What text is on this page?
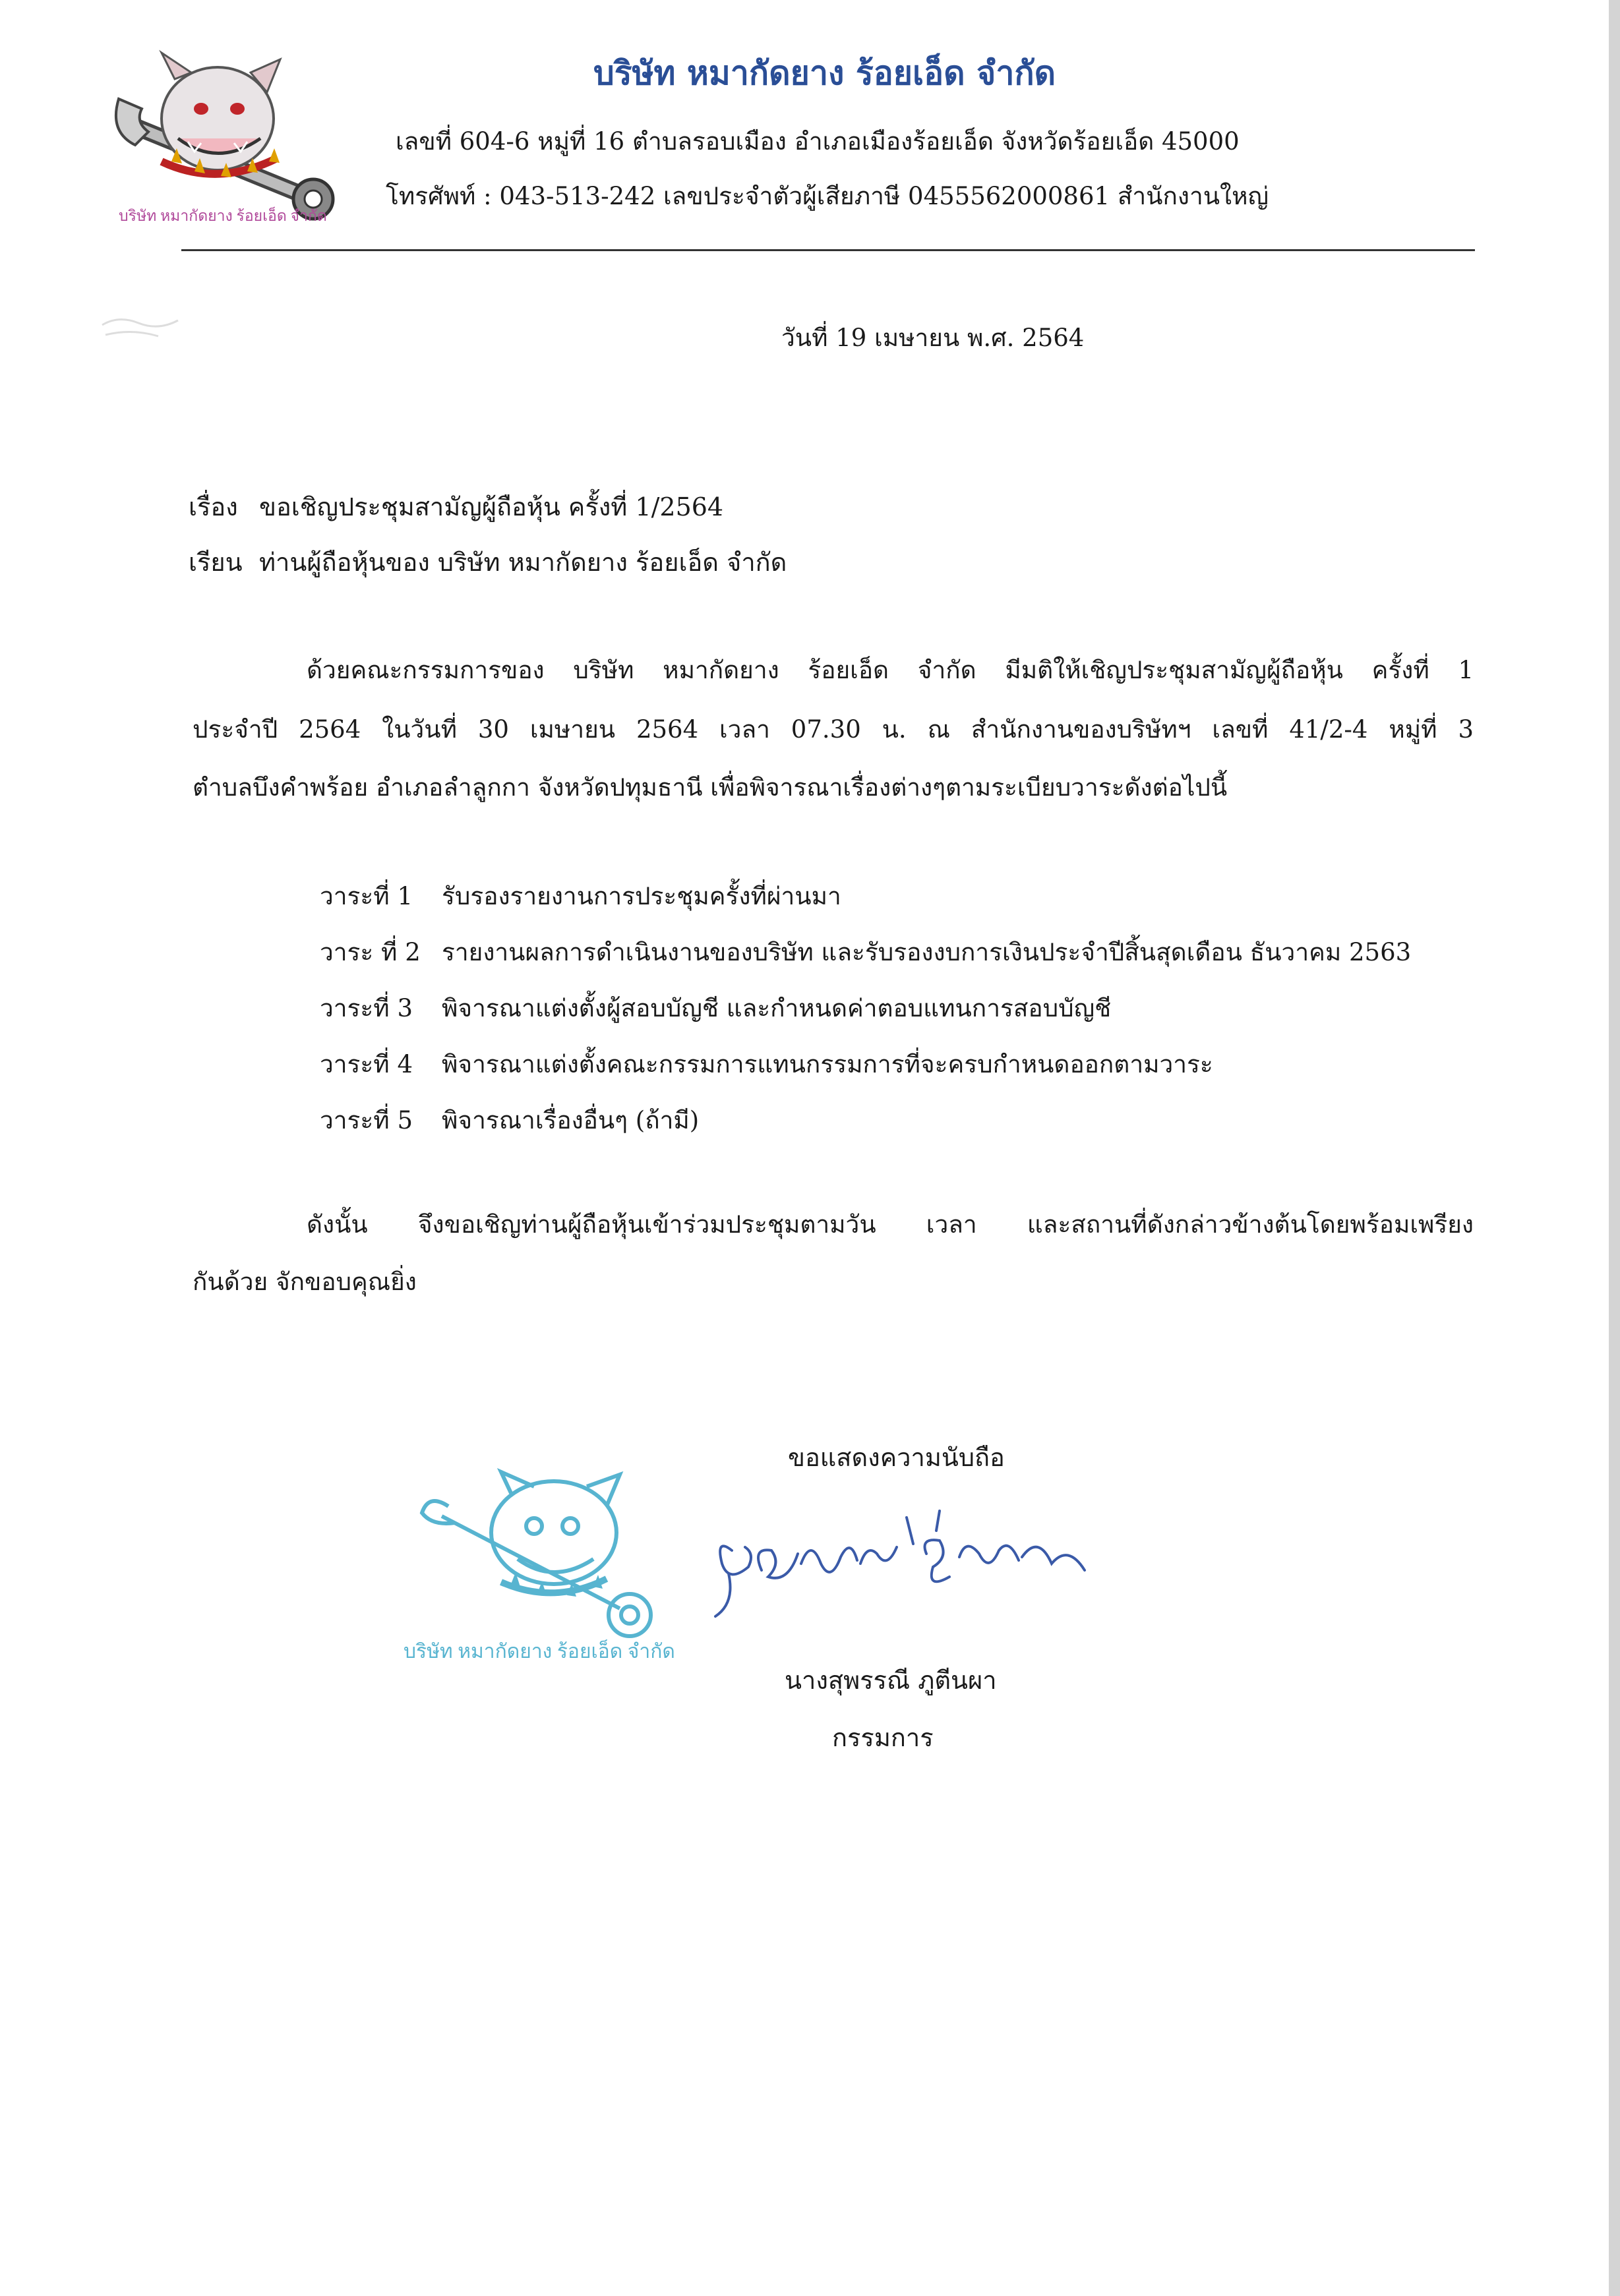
บริษัท หมากัดยาง ร้อยเอ็ด จำกัด
บริษัท หมากัดยาง ร้อยเอ็ด จำกัด
เลขที่ 604-6 หมู่ที่ 16 ตำบลรอบเมือง อำเภอเมืองร้อยเอ็ด จังหวัดร้อยเอ็ด 45000
โทรศัพท์ : 043-513-242 เลขประจำตัวผู้เสียภาษี 0455562000861 สำนักงานใหญ่
วันที่ 19 เมษายน พ.ศ. 2564
เรื่อง ขอเชิญประชุมสามัญผู้ถือหุ้น ครั้งที่ 1/2564
เรียน ท่านผู้ถือหุ้นของ บริษัท หมากัดยาง ร้อยเอ็ด จำกัด
ด้วยคณะกรรมการของ บริษัท หมากัดยาง ร้อยเอ็ด จำกัด มีมติให้เชิญประชุมสามัญผู้ถือหุ้น ครั้งที่ 1
ประจำปี 2564 ในวันที่ 30 เมษายน 2564 เวลา 07.30 น. ณ สำนักงานของบริษัทฯ เลขที่ 41/2-4 หมู่ที่ 3
ตำบลบึงคำพร้อย อำเภอลำลูกกา จังหวัดปทุมธานี เพื่อพิจารณาเรื่องต่างๆตามระเบียบวาระดังต่อไปนี้
วาระที่ 1 รับรองรายงานการประชุมครั้งที่ผ่านมา
วาระ ที่ 2 รายงานผลการดำเนินงานของบริษัท และรับรองงบการเงินประจำปีสิ้นสุดเดือน ธันวาคม 2563
วาระที่ 3 พิจารณาแต่งตั้งผู้สอบบัญชี และกำหนดค่าตอบแทนการสอบบัญชี
วาระที่ 4 พิจารณาแต่งตั้งคณะกรรมการแทนกรรมการที่จะครบกำหนดออกตามวาระ
วาระที่ 5 พิจารณาเรื่องอื่นๆ (ถ้ามี)
ดังนั้น จึงขอเชิญท่านผู้ถือหุ้นเข้าร่วมประชุมตามวัน เวลา และสถานที่ดังกล่าวข้างต้นโดยพร้อมเพรียง
กันด้วย จักขอบคุณยิ่ง
ขอแสดงความนับถือ
บริษัท หมากัดยาง ร้อยเอ็ด จำกัด
นางสุพรรณี ภูตีนผา
กรรมการ
